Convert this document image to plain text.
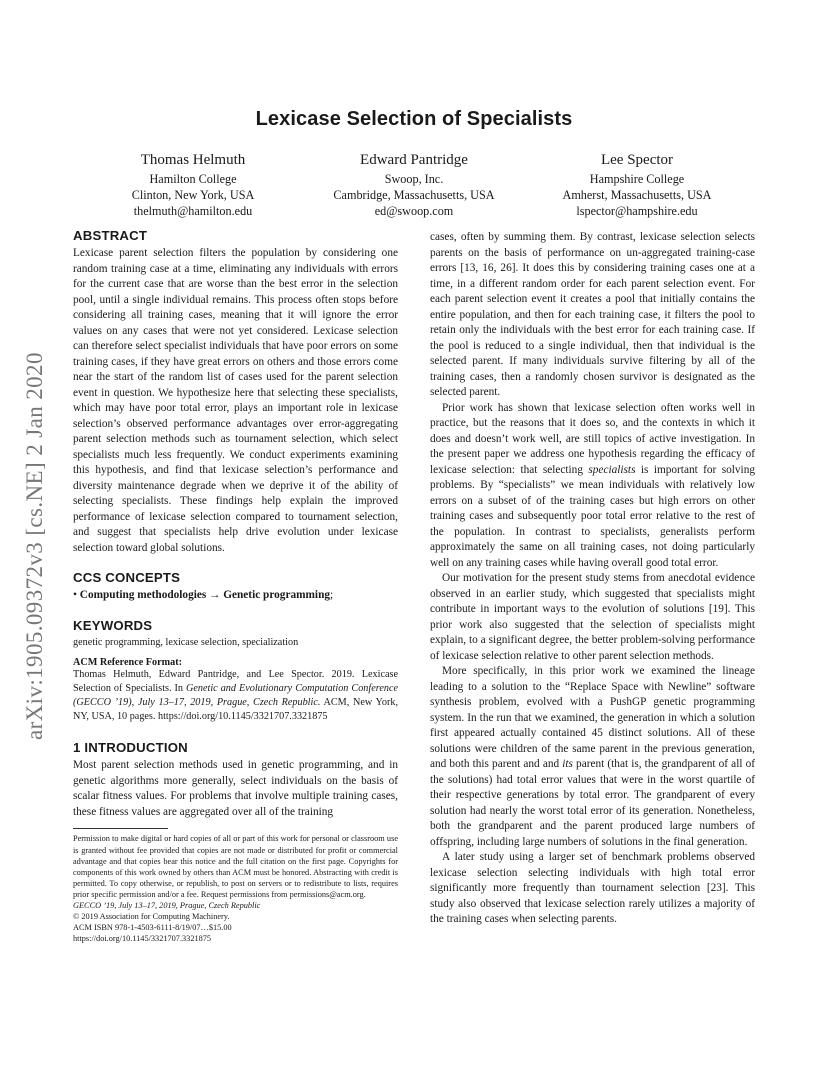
arXiv:1905.09372v3 [cs.NE] 2 Jan 2020
Lexicase Selection of Specialists
Thomas Helmuth
Hamilton College
Clinton, New York, USA
thelmuth@hamilton.edu
Edward Pantridge
Swoop, Inc.
Cambridge, Massachusetts, USA
ed@swoop.com
Lee Spector
Hampshire College
Amherst, Massachusetts, USA
lspector@hampshire.edu
ABSTRACT

Lexicase parent selection filters the population by considering one random training case at a time, eliminating any individuals with errors for the current case that are worse than the best error in the selection pool, until a single individual remains. This process often stops before considering all training cases, meaning that it will ignore the error values on any cases that were not yet considered. Lexicase selection can therefore select specialist individuals that have poor errors on some training cases, if they have great errors on others and those errors come near the start of the random list of cases used for the parent selection event in question. We hypothesize here that selecting these specialists, which may have poor total error, plays an important role in lexicase selection’s observed performance advantages over error-aggregating parent selection methods such as tournament selection, which select specialists much less frequently. We conduct experiments examining this hypothesis, and find that lexicase selection’s performance and diversity maintenance degrade when we deprive it of the ability of selecting specialists. These findings help explain the improved performance of lexicase selection compared to tournament selection, and suggest that specialists help drive evolution under lexicase selection toward global solutions.

CCS CONCEPTS

• Computing methodologies → Genetic programming;

KEYWORDS

genetic programming, lexicase selection, specialization

ACM Reference Format:

Thomas Helmuth, Edward Pantridge, and Lee Spector. 2019. Lexicase Selection of Specialists. In Genetic and Evolutionary Computation Conference (GECCO ’19), July 13–17, 2019, Prague, Czech Republic. ACM, New York, NY, USA, 10 pages. https://doi.org/10.1145/3321707.3321875

1 INTRODUCTION

Most parent selection methods used in genetic programming, and in genetic algorithms more generally, select individuals on the basis of scalar fitness values. For problems that involve multiple training cases, these fitness values are aggregated over all of the training

Permission to make digital or hard copies of all or part of this work for personal or classroom use is granted without fee provided that copies are not made or distributed for profit or commercial advantage and that copies bear this notice and the full citation on the first page. Copyrights for components of this work owned by others than ACM must be honored. Abstracting with credit is permitted. To copy otherwise, or republish, to post on servers or to redistribute to lists, requires prior specific permission and/or a fee. Request permissions from permissions@acm.org.

GECCO ’19, July 13–17, 2019, Prague, Czech Republic

© 2019 Association for Computing Machinery.

ACM ISBN 978-1-4503-6111-8/19/07…$15.00

https://doi.org/10.1145/3321707.3321875

cases, often by summing them. By contrast, lexicase selection selects parents on the basis of performance on un-aggregated training-case errors [13, 16, 26]. It does this by considering training cases one at a time, in a different random order for each parent selection event. For each parent selection event it creates a pool that initially contains the entire population, and then for each training case, it filters the pool to retain only the individuals with the best error for each training case. If the pool is reduced to a single individual, then that individual is the selected parent. If many individuals survive filtering by all of the training cases, then a randomly chosen survivor is designated as the selected parent.

Prior work has shown that lexicase selection often works well in practice, but the reasons that it does so, and the contexts in which it does and doesn’t work well, are still topics of active investigation. In the present paper we address one hypothesis regarding the efficacy of lexicase selection: that selecting specialists is important for solving problems. By “specialists” we mean individuals with relatively low errors on a subset of of the training cases but high errors on other training cases and subsequently poor total error relative to the rest of the population. In contrast to specialists, generalists perform approximately the same on all training cases, not doing particularly well on any training cases while having overall good total error.

Our motivation for the present study stems from anecdotal evidence observed in an earlier study, which suggested that specialists might contribute in important ways to the evolution of solutions [19]. This prior work also suggested that the selection of specialists might explain, to a significant degree, the better problem-solving performance of lexicase selection relative to other parent selection methods.

More specifically, in this prior work we examined the lineage leading to a solution to the “Replace Space with Newline” software synthesis problem, evolved with a PushGP genetic programming system. In the run that we examined, the generation in which a solution first appeared actually contained 45 distinct solutions. All of these solutions were children of the same parent in the previous generation, and both this parent and and its parent (that is, the grandparent of all of the solutions) had total error values that were in the worst quartile of their respective generations by total error. The grandparent of every solution had nearly the worst total error of its generation. Nonetheless, both the grandparent and the parent produced large numbers of offspring, including large numbers of solutions in the final generation.

A later study using a larger set of benchmark problems observed lexicase selection selecting individuals with high total error significantly more frequently than tournament selection [23]. This study also observed that lexicase selection rarely utilizes a majority of the training cases when selecting parents.
